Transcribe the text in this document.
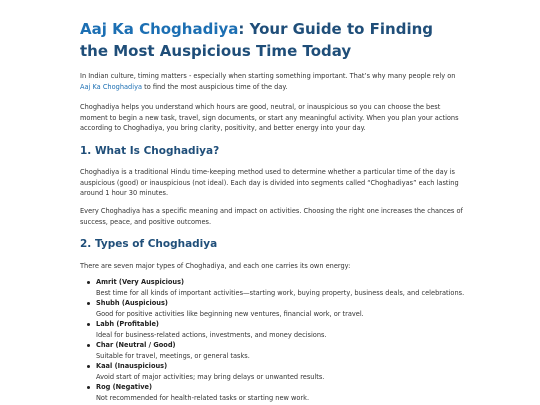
Aaj Ka Choghadiya: Your Guide to Finding the Most Auspicious Time Today

In Indian culture, timing matters - especially when starting something important. That’s why many people rely on Aaj Ka Choghadiya to find the most auspicious time of the day.

Choghadiya helps you understand which hours are good, neutral, or inauspicious so you can choose the best moment to begin a new task, travel, sign documents, or start any meaningful activity. When you plan your actions according to Choghadiya, you bring clarity, positivity, and better energy into your day.

1. What Is Choghadiya?

Choghadiya is a traditional Hindu time-keeping method used to determine whether a particular time of the day is auspicious (good) or inauspicious (not ideal). Each day is divided into segments called “Choghadiyas” each lasting around 1 hour 30 minutes.

Every Choghadiya has a specific meaning and impact on activities. Choosing the right one increases the chances of success, peace, and positive outcomes.

2. Types of Choghadiya

There are seven major types of Choghadiya, and each one carries its own energy:

Amrit (Very Auspicious)
Best time for all kinds of important activities—starting work, buying property, business deals, and celebrations.
Shubh (Auspicious)
Good for positive activities like beginning new ventures, financial work, or travel.
Labh (Profitable)
Ideal for business-related actions, investments, and money decisions.
Char (Neutral / Good)
Suitable for travel, meetings, or general tasks.
Kaal (Inauspicious)
Avoid start of major activities; may bring delays or unwanted results.
Rog (Negative)
Not recommended for health-related tasks or starting new work.
